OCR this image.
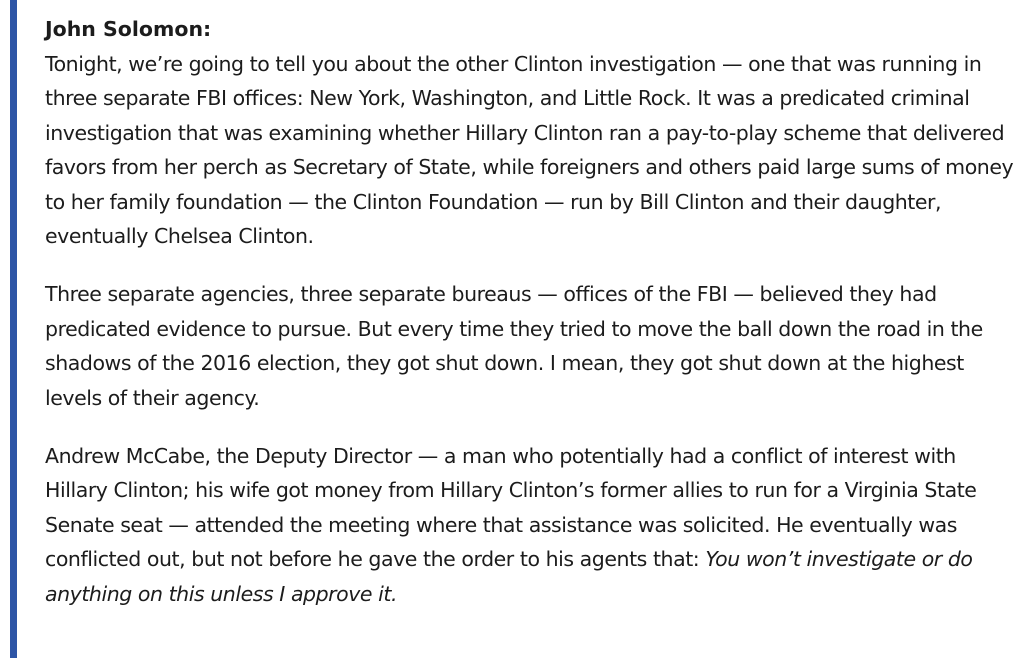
John Solomon:

Tonight, we’re going to tell you about the other Clinton investigation — one that was running in three separate FBI offices: New York, Washington, and Little Rock. It was a predicated criminal investigation that was examining whether Hillary Clinton ran a pay-to-play scheme that delivered favors from her perch as Secretary of State, while foreigners and others paid large sums of money to her family foundation — the Clinton Foundation — run by Bill Clinton and their daughter, eventually Chelsea Clinton.

Three separate agencies, three separate bureaus — offices of the FBI — believed they had predicated evidence to pursue. But every time they tried to move the ball down the road in the shadows of the 2016 election, they got shut down. I mean, they got shut down at the highest levels of their agency.

Andrew McCabe, the Deputy Director — a man who potentially had a conflict of interest with Hillary Clinton; his wife got money from Hillary Clinton’s former allies to run for a Virginia State Senate seat — attended the meeting where that assistance was solicited. He eventually was conflicted out, but not before he gave the order to his agents that: You won’t investigate or do anything on this unless I approve it.
